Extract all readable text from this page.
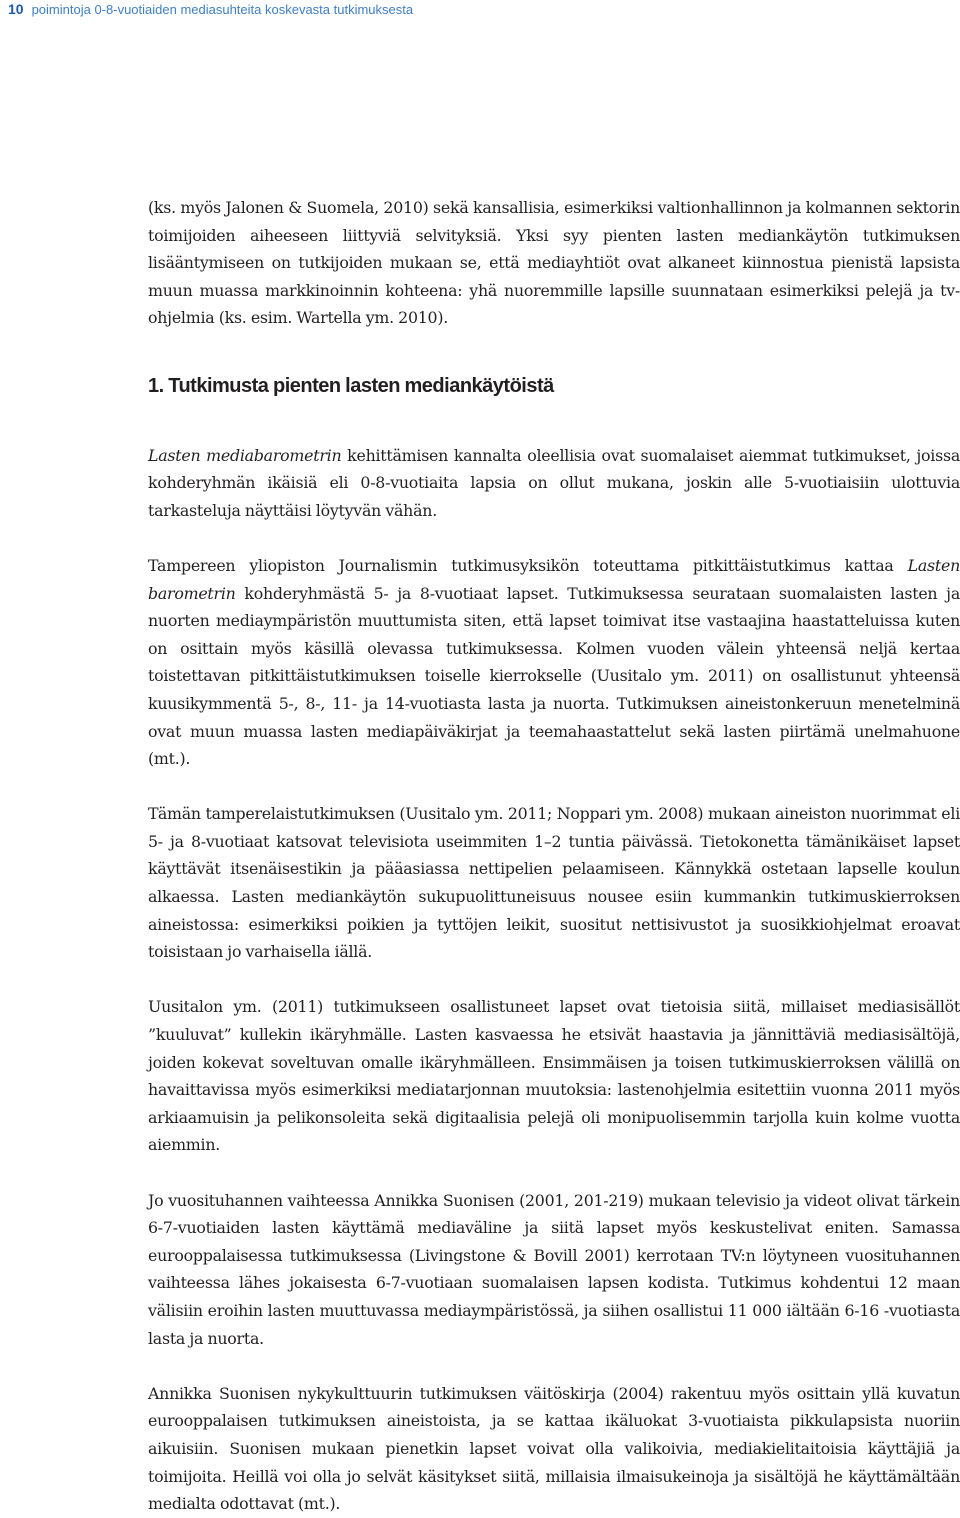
10 poimintoja 0-8-vuotiaiden mediasuhteita koskevasta tutkimuksesta

(ks. myös Jalonen & Suomela, 2010) sekä kansallisia, esimerkiksi valtionhallinnon ja kolmannen sektorin toimijoiden aiheeseen liittyviä selvityksiä. Yksi syy pienten lasten mediankäytön tutkimuksen lisääntymiseen on tutkijoiden mukaan se, että mediayhtiöt ovat alkaneet kiinnostua pienistä lapsista muun muassa markkinoinnin kohteena: yhä nuoremmille lapsille suunnataan esimerkiksi pelejä ja tv-ohjelmia (ks. esim. Wartella ym. 2010).

1. Tutkimusta pienten lasten mediankäytöistä

Lasten mediabarometrin kehittämisen kannalta oleellisia ovat suomalaiset aiemmat tutkimukset, joissa kohderyhmän ikäisiä eli 0-8-vuotiaita lapsia on ollut mukana, joskin alle 5-vuotiaisiin ulottuvia tarkasteluja näyttäisi löytyvän vähän.

Tampereen yliopiston Journalismin tutkimusyksikön toteuttama pitkittäistutkimus kattaa Lasten barometrin kohderyhmästä 5- ja 8-vuotiaat lapset. Tutkimuksessa seurataan suomalaisten lasten ja nuorten mediaympäristön muuttumista siten, että lapset toimivat itse vastaajina haastatteluissa kuten on osittain myös käsillä olevassa tutkimuksessa. Kolmen vuoden välein yhteensä neljä kertaa toistettavan pitkittäistutkimuksen toiselle kierrokselle (Uusitalo ym. 2011) on osallistunut yhteensä kuusikymmentä 5-, 8-, 11- ja 14-vuotiasta lasta ja nuorta. Tutkimuksen aineistonkeruun menetelminä ovat muun muassa lasten mediapäiväkirjat ja teemahaastattelut sekä lasten piirtämä unelmahuone (mt.).

Tämän tamperelaistutkimuksen (Uusitalo ym. 2011; Noppari ym. 2008) mukaan aineiston nuorimmat eli 5- ja 8-vuotiaat katsovat televisiota useimmiten 1–2 tuntia päivässä. Tietokonetta tämänikäiset lapset käyttävät itsenäisestikin ja pääasiassa nettipelien pelaamiseen. Kännykkä ostetaan lapselle koulun alkaessa. Lasten mediankäytön sukupuolittuneisuus nousee esiin kummankin tutkimuskierroksen aineistossa: esimerkiksi poikien ja tyttöjen leikit, suositut nettisivustot ja suosikkiohjelmat eroavat toisistaan jo varhaisella iällä.

Uusitalon ym. (2011) tutkimukseen osallistuneet lapset ovat tietoisia siitä, millaiset mediasisällöt ”kuuluvat” kullekin ikäryhmälle. Lasten kasvaessa he etsivät haastavia ja jännittäviä mediasisältöjä, joiden kokevat soveltuvan omalle ikäryhmälleen. Ensimmäisen ja toisen tutkimuskierroksen välillä on havaittavissa myös esimerkiksi mediatarjonnan muutoksia: lastenohjelmia esitettiin vuonna 2011 myös arkiaamuisin ja pelikonsoleita sekä digitaalisia pelejä oli monipuolisemmin tarjolla kuin kolme vuotta aiemmin.

Jo vuosituhannen vaihteessa Annikka Suonisen (2001, 201-219) mukaan televisio ja videot olivat tärkein 6-7-vuotiaiden lasten käyttämä mediaväline ja siitä lapset myös keskustelivat eniten. Samassa eurooppalaisessa tutkimuksessa (Livingstone & Bovill 2001) kerrotaan TV:n löytyneen vuosituhannen vaihteessa lähes jokaisesta 6-7-vuotiaan suomalaisen lapsen kodista. Tutkimus kohdentui 12 maan välisiin eroihin lasten muuttuvassa mediaympäristössä, ja siihen osallistui 11 000 iältään 6-16 -vuotiasta lasta ja nuorta.

Annikka Suonisen nykykulttuurin tutkimuksen väitöskirja (2004) rakentuu myös osittain yllä kuvatun eurooppalaisen tutkimuksen aineistoista, ja se kattaa ikäluokat 3-vuotiaista pikkulapsista nuoriin aikuisiin. Suonisen mukaan pienetkin lapset voivat olla valikoivia, mediakielitaitoisia käyttäjiä ja toimijoita. Heillä voi olla jo selvät käsitykset siitä, millaisia ilmaisukeinoja ja sisältöjä he käyttämältään medialta odottavat (mt.).
